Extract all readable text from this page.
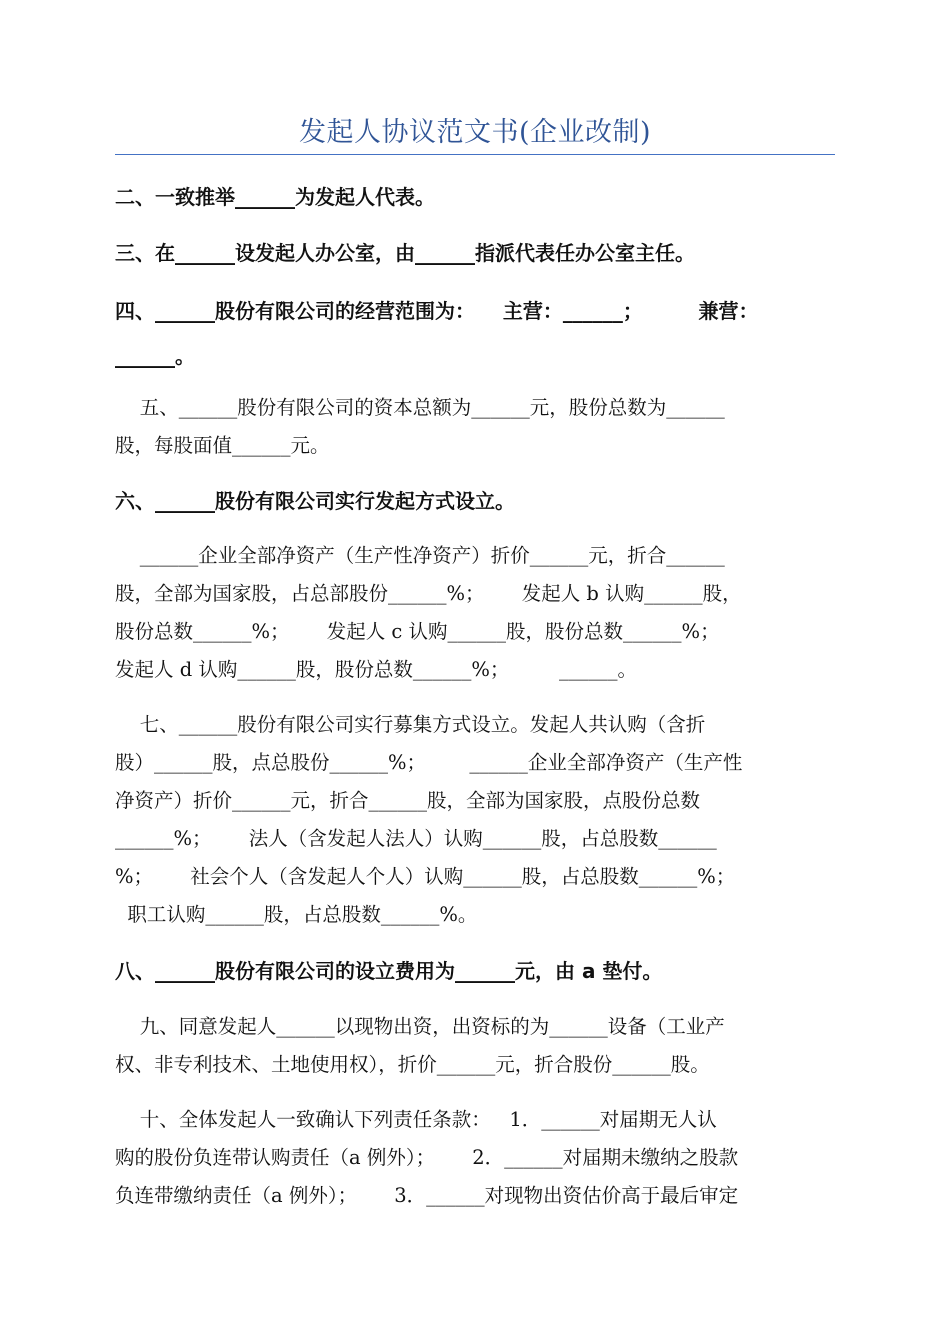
发起人协议范文书(企业改制)
二、一致推举______为发起人代表。
三、在______设发起人办公室，由______指派代表任办公室主任。
四、______股份有限公司的经营范围为：    主营：______；        兼营：
______。
五、______股份有限公司的资本总额为______元，股份总数为______
股，每股面值______元。
六、______股份有限公司实行发起方式设立。
______企业全部净资产（生产性净资产）折价______元，折合______
股，全部为国家股，占总部股份______%；      发起人 b 认购______股，
股份总数______%；      发起人 c 认购______股，股份总数______%；
发起人 d 认购______股，股份总数______%；        ______。
七、______股份有限公司实行募集方式设立。发起人共认购（含折
股）______股，点总股份______%；       ______企业全部净资产（生产性
净资产）折价______元，折合______股，全部为国家股，点股份总数
______%；      法人（含发起人法人）认购______股，占总股数______
%；      社会个人（含发起人个人）认购______股，占总股数______%；
职工认购______股，占总股数______%。
八、______股份有限公司的设立费用为______元，由 a 垫付。
九、同意发起人______以现物出资，出资标的为______设备（工业产
权、非专利技术、土地使用权），折价______元，折合股份______股。
十、全体发起人一致确认下列责任条款：   1．______对届期无人认
购的股份负连带认购责任（a 例外）；      2．______对届期未缴纳之股款
负连带缴纳责任（a 例外）；      3．______对现物出资估价高于最后审定
